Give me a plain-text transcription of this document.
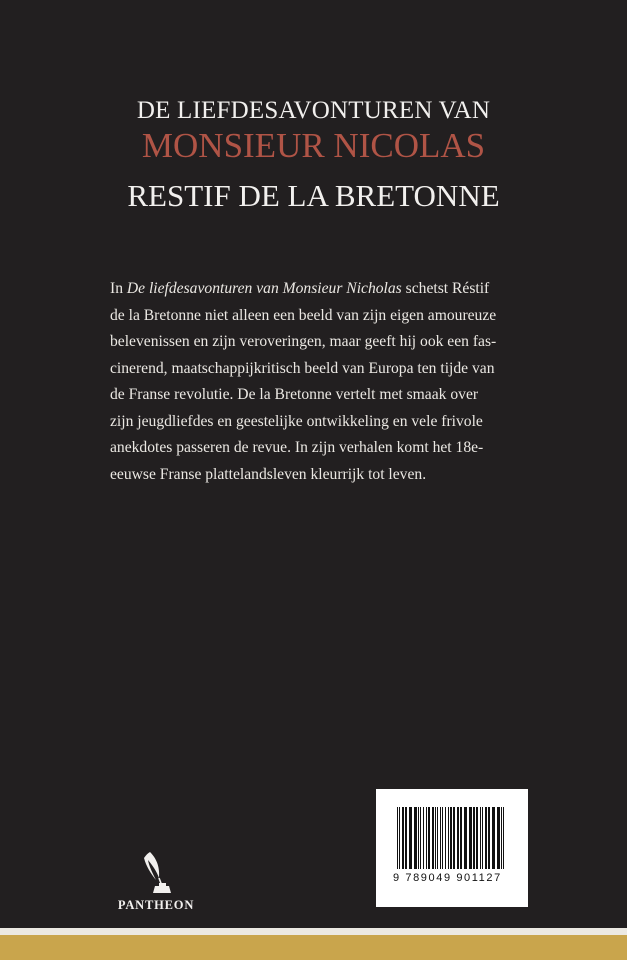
DE LIEFDESAVONTUREN VAN
MONSIEUR NICOLAS
RESTIF DE LA BRETONNE

In De liefdesavonturen van Monsieur Nicholas schetst Réstif
de la Bretonne niet alleen een beeld van zijn eigen amoureuze
belevenissen en zijn veroveringen, maar geeft hij ook een fas-
cinerend, maatschappijkritisch beeld van Europa ten tijde van
de Franse revolutie. De la Bretonne vertelt met smaak over
zijn jeugdliefdes en geestelijke ontwikkeling en vele frivole
anekdotes passeren de revue. In zijn verhalen komt het 18e-
eeuwse Franse plattelandsleven kleurrijk tot leven.

PANTHEON
9 789049 901127
